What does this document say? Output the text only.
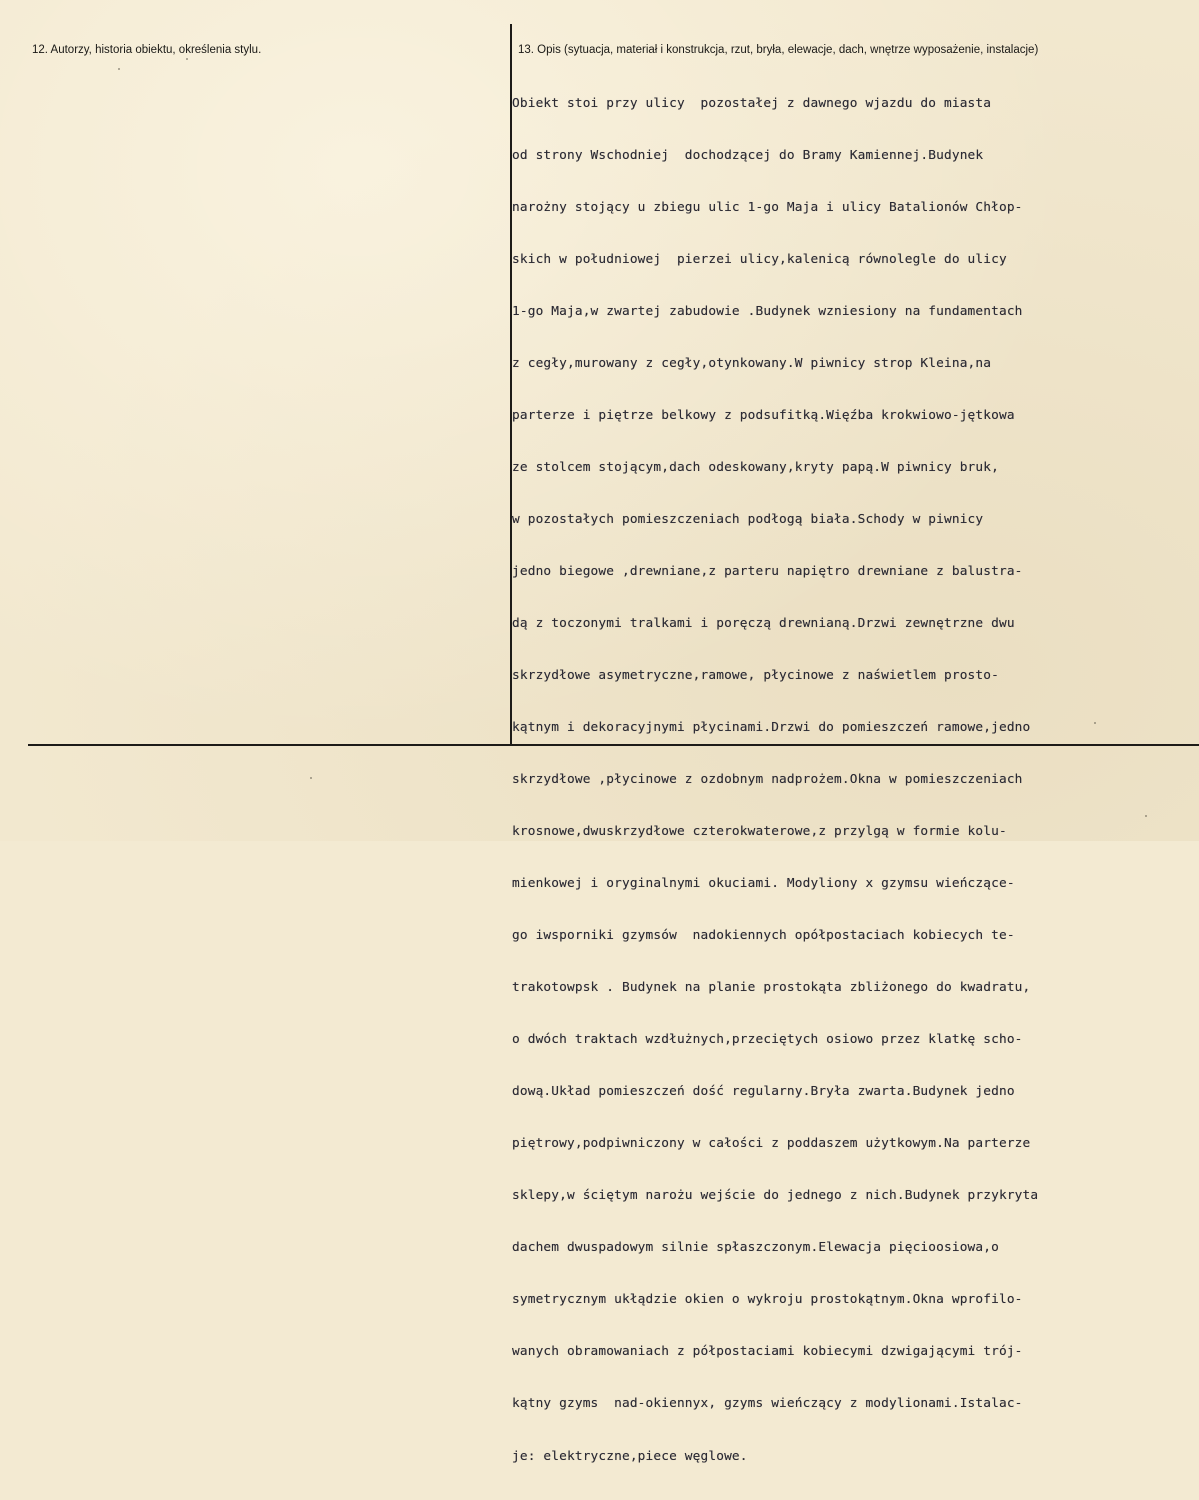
12. Autorzy, historia obiektu, określenia stylu.	13. Opis (sytuacja, materiał i konstrukcja, rzut, bryła, elewacje, dach, wnętrze wyposażenie, instalacje)

Obiekt stoi przy ulicy  pozostałej z dawnego wjazdu do miasta

od strony Wschodniej  dochodzącej do Bramy Kamiennej.Budynek

narożny stojący u zbiegu ulic 1-go Maja i ulicy Batalionów Chłop-

skich w południowej  pierzei ulicy,kalenicą równolegle do ulicy

1-go Maja,w zwartej zabudowie .Budynek wzniesiony na fundamentach

z cegły,murowany z cegły,otynkowany.W piwnicy strop Kleina,na

parterze i piętrze belkowy z podsufitką.Więźba krokwiowo-jętkowa

ze stolcem stojącym,dach odeskowany,kryty papą.W piwnicy bruk,

w pozostałych pomieszczeniach podłogą biała.Schody w piwnicy

jedno biegowe ,drewniane,z parteru napiętro drewniane z balustra-

dą z toczonymi tralkami i poręczą drewnianą.Drzwi zewnętrzne dwu

skrzydłowe asymetryczne,ramowe, płycinowe z naświetlem prosto-

kątnym i dekoracyjnymi płycinami.Drzwi do pomieszczeń ramowe,jedno

skrzydłowe ,płycinowe z ozdobnym nadprożem.Okna w pomieszczeniach

krosnowe,dwuskrzydłowe czterokwaterowe,z przylgą w formie kolu-

mienkowej i oryginalnymi okuciami. Modyliony x gzymsu wieńczące-

go iwsporniki gzymsów  nadokiennych opółpostaciach kobiecych te-

trakotowpsk . Budynek na planie prostokąta zbliżonego do kwadratu,

o dwóch traktach wzdłużnych,przeciętych osiowo przez klatkę scho-

dową.Układ pomieszczeń dość regularny.Bryła zwarta.Budynek jedno

piętrowy,podpiwniczony w całości z poddaszem użytkowym.Na parterze

sklepy,w ściętym narożu wejście do jednego z nich.Budynek przykryta

dachem dwuspadowym silnie spłaszczonym.Elewacja pięcioosiowa,o

symetrycznym ukłądzie okien o wykroju prostokątnym.Okna wprofilo-

wanych obramowaniach z półpostaciami kobiecymi dzwigającymi trój-

kątny gzyms  nad-okiennyx, gzyms wieńczący z modylionami.Istalac-

je: elektryczne,piece węglowe.
